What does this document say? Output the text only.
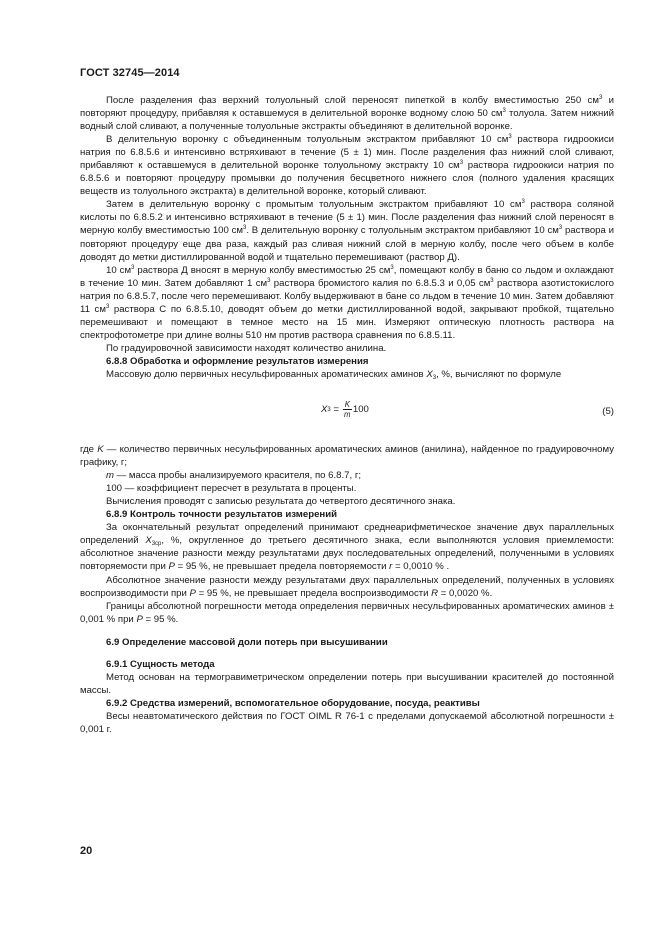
ГОСТ 32745—2014

После разделения фаз верхний толуольный слой переносят пипеткой в колбу вместимостью 250 $см^3$ и повторяют процедуру, прибавляя к оставшемуся в делительной воронке водному слою 50 $см^3$ толуола. Затем нижний водный слой сливают, а полученные толуольные экстракты объединяют в делительной воронке.

В делительную воронку с объединенным толуольным экстрактом прибавляют 10 $см^3$ раствора гидроокиси натрия по 6.8.5.6 и интенсивно встряхивают в течение (5 ± 1) мин. После разделения фаз нижний слой сливают, прибавляют к оставшемуся в делительной воронке толуольному экстракту 10 $см^3$ раствора гидроокиси натрия по 6.8.5.6 и повторяют процедуру промывки до получения бесцветного нижнего слоя (полного удаления красящих веществ из толуольного экстракта) в делительной воронке, который сливают.

Затем в делительную воронку с промытым толуольным экстрактом прибавляют 10 $см^3$ раствора соляной кислоты по 6.8.5.2 и интенсивно встряхивают в течение (5 ± 1) мин. После разделения фаз нижний слой переносят в мерную колбу вместимостью 100 $см^3$. В делительную воронку с толуольным экстрактом прибавляют 10 $см^3$ раствора и повторяют процедуру еще два раза, каждый раз сливая нижний слой в мерную колбу, после чего объем в колбе доводят до метки дистиллированной водой и тщательно перемешивают (раствор Д).

10 $см^3$ раствора Д вносят в мерную колбу вместимостью 25 $см^3$, помещают колбу в баню со льдом и охлаждают в течение 10 мин. Затем добавляют 1 $см^3$ раствора бромистого калия по 6.8.5.3 и 0,05 $см^3$ раствора азотистокислого натрия по 6.8.5.7, после чего перемешивают. Колбу выдерживают в бане со льдом в течение 10 мин. Затем добавляют 11 $см^3$ раствора С по 6.8.5.10, доводят объем до метки дистиллированной водой, закрывают пробкой, тщательно перемешивают и помещают в темное место на 15 мин. Измеряют оптическую плотность раствора на спектрофотометре при длине волны 510 нм против раствора сравнения по 6.8.5.11.

По градуировочной зависимости находят количество анилина.

6.8.8 Обработка и оформление результатов измерения

Массовую долю первичных несульфированных ароматических аминов $X_3$, %, вычисляют по формуле

X $3 = \frac{K}{m} 100$	(5)

где K — количество первичных несульфированных ароматических аминов (анилина), найденное по градуировочному графику, г;

m — масса пробы анализируемого красителя, по 6.8.7, г;

100 — коэффициент пересчет в результата в проценты.

Вычисления проводят с записью результата до четвертого десятичного знака.

6.8.9 Контроль точности результатов измерений

За окончательный результат определений принимают среднеарифметическое значение двух параллельных определений $X_{3ср}$, %, округленное до третьего десятичного знака, если выполняются условия приемлемости: абсолютное значение разности между результатами двух последовательных определений, полученными в условиях повторяемости при P = 95 %, не превышает предела повторяемости r = 0,0010 % .

Абсолютное значение разности между результатами двух параллельных определений, полученных в условиях воспроизводимости при P = 95 %, не превышает предела воспроизводимости R = 0,0020 %.

Границы абсолютной погрешности метода определения первичных несульфированных ароматических аминов ± 0,001 % при P = 95 %.

6.9 Определение массовой доли потерь при высушивании

6.9.1 Сущность метода

Метод основан на термогравиметрическом определении потерь при высушивании красителей до постоянной массы.

6.9.2 Средства измерений, вспомогательное оборудование, посуда, реактивы

Весы неавтоматического действия по ГОСТ OIML R 76-1 с пределами допускаемой абсолютной погрешности ± 0,001 г.

20
